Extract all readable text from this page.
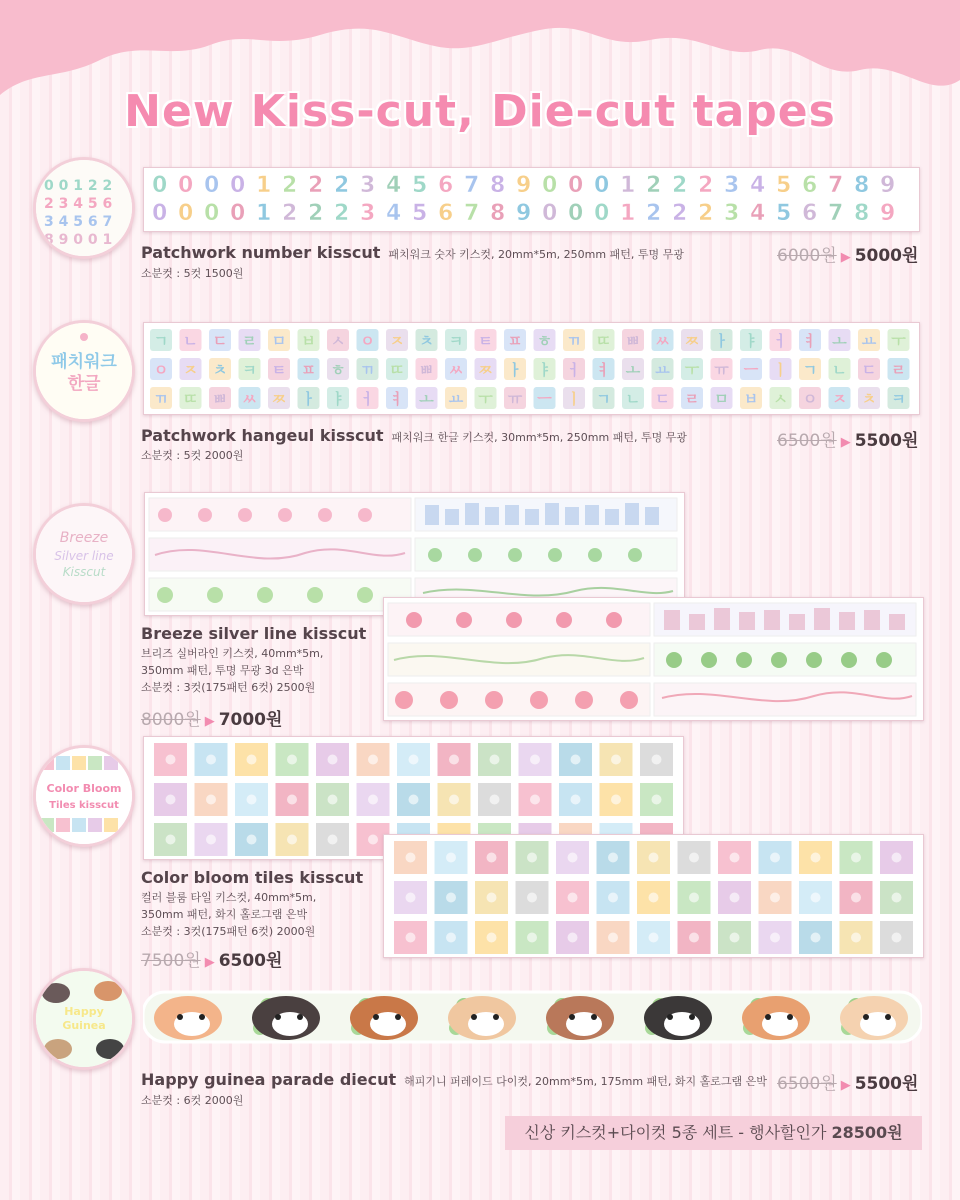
New Kiss-cut, Die-cut tapes
0 0 1 2 2
2 3 4 5 6
3 4 5 6 7
8 9 0 0 1
0 0 0 0 1 2 2 2 3 4 5 6 7 8 9 0 0 0 1 2 2 2 3 4 5 6 7 8 9
0 0 0 0 1 2 2 2 3 4 5 6 7 8 9 0 0 0 1 2 2 2 3 4 5 6 7 8 9
Patchwork number kisscut 패치워크 숫자 키스컷, 20mm*5m, 250mm 패턴, 투명 무광
소분컷 : 5컷 1500원
6000원 ▶ 5000원
패치워크
한글
ㄱ ㄴ ㄷ ㄹ ㅁ ㅂ ㅅ ㅇ ㅈ ㅊ ㅋ ㅌ ㅍ ㅎ ㄲ ㄸ ㅃ ㅆ ㅉ ㅏ ㅑ ㅓ ㅕ ㅗ ㅛ ㅜ
ㅇ ㅈ ㅊ ㅋ ㅌ ㅍ ㅎ ㄲ ㄸ ㅃ ㅆ ㅉ ㅏ ㅑ ㅓ ㅕ ㅗ ㅛ ㅜ ㅠ ㅡ ㅣ ㄱ ㄴ ㄷ ㄹ
ㄲ ㄸ ㅃ ㅆ ㅉ ㅏ ㅑ ㅓ ㅕ ㅗ ㅛ ㅜ ㅠ ㅡ ㅣ ㄱ ㄴ ㄷ ㄹ ㅁ ㅂ ㅅ ㅇ ㅈ ㅊ ㅋ
Patchwork hangeul kisscut 패치워크 한글 키스컷, 30mm*5m, 250mm 패턴, 투명 무광
소분컷 : 5컷 2000원
6500원 ▶ 5500원
Breeze
Silver line
Kisscut
Breeze silver line kisscut
브리즈 실버라인 키스컷, 40mm*5m,
350mm 패턴, 투명 무광 3d 은박
소분컷 : 3컷(175패턴 6컷) 2500원
8000원 ▶ 7000원
Color Bloom
Tiles kisscut
Color bloom tiles kisscut
컬러 블룸 타일 키스컷, 40mm*5m,
350mm 패턴, 화지 홀로그램 은박
소분컷 : 3컷(175패턴 6컷) 2000원
7500원 ▶ 6500원
Happy
Guinea
Happy guinea parade diecut 해피기니 퍼레이드 다이컷, 20mm*5m, 175mm 패턴, 화지 홀로그램 은박
소분컷 : 6컷 2000원
6500원 ▶ 5500원
신상 키스컷+다이컷 5종 세트 - 행사할인가 28500원
